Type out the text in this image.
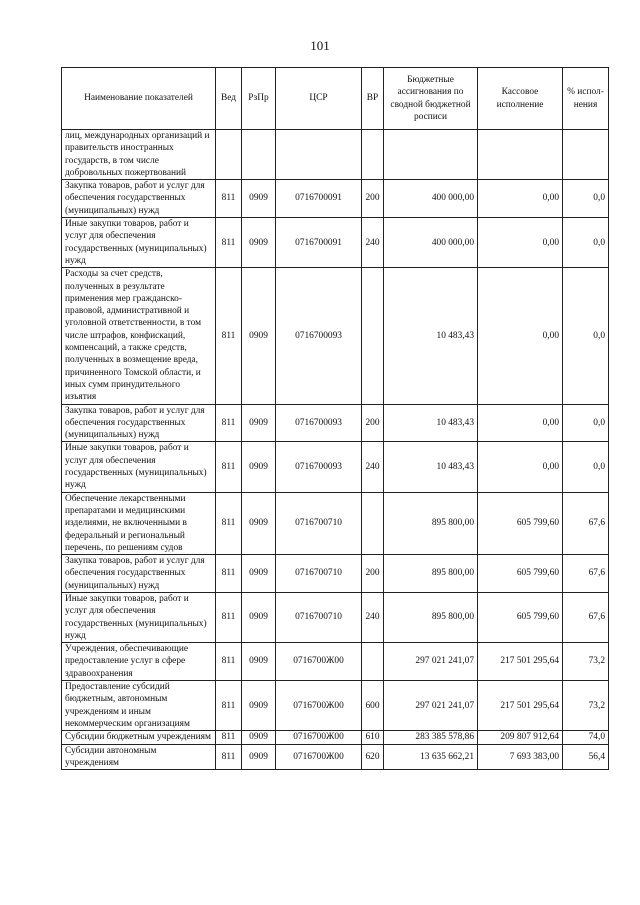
101
Наименование показателей	Вед	РзПр	ЦСР	ВР	Бюджетные ассигнования по сводной бюджетной росписи	Кассовое исполнение	% испол-нения
лиц, международных организаций и правительств иностранных государств, в том числе добровольных пожертвований							
Закупка товаров, работ и услуг для обеспечения государственных (муниципальных) нужд	811	0909	0716700091	200	400 000,00	0,00	0,0
Иные закупки товаров, работ и услуг для обеспечения государственных (муниципальных) нужд	811	0909	0716700091	240	400 000,00	0,00	0,0
Расходы за счет средств, полученных в результате применения мер гражданско-правовой, административной и уголовной ответственности, в том числе штрафов, конфискаций, компенсаций, а также средств, полученных в возмещение вреда, причиненного Томской области, и иных сумм принудительного изъятия	811	0909	0716700093		10 483,43	0,00	0,0
Закупка товаров, работ и услуг для обеспечения государственных (муниципальных) нужд	811	0909	0716700093	200	10 483,43	0,00	0,0
Иные закупки товаров, работ и услуг для обеспечения государственных (муниципальных) нужд	811	0909	0716700093	240	10 483,43	0,00	0,0
Обеспечение лекарственными препаратами и медицинскими изделиями, не включенными в федеральный и региональный перечень, по решениям судов	811	0909	0716700710		895 800,00	605 799,60	67,6
Закупка товаров, работ и услуг для обеспечения государственных (муниципальных) нужд	811	0909	0716700710	200	895 800,00	605 799,60	67,6
Иные закупки товаров, работ и услуг для обеспечения государственных (муниципальных) нужд	811	0909	0716700710	240	895 800,00	605 799,60	67,6
Учреждения, обеспечивающие предоставление услуг в сфере здравоохранения	811	0909	0716700Ж00		297 021 241,07	217 501 295,64	73,2
Предоставление субсидий бюджетным, автономным учреждениям и иным некоммерческим организациям	811	0909	0716700Ж00	600	297 021 241,07	217 501 295,64	73,2
Субсидии бюджетным учреждениям	811	0909	0716700Ж00	610	283 385 578,86	209 807 912,64	74,0
Субсидии автономным учреждениям	811	0909	0716700Ж00	620	13 635 662,21	7 693 383,00	56,4
